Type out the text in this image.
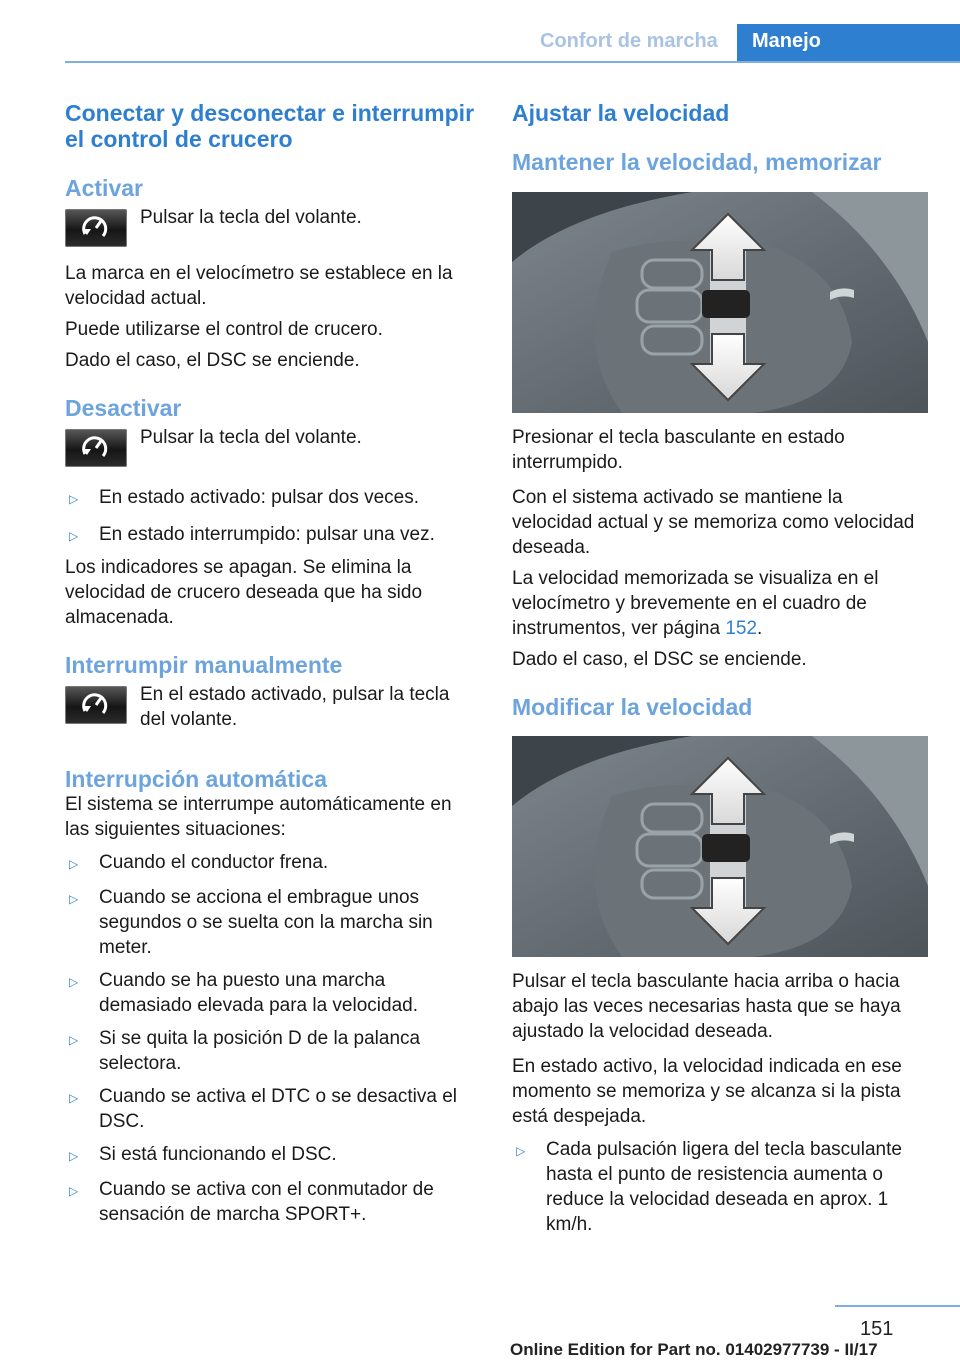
Confort de marcha Manejo

Conectar y desconectar e interrumpir el control de crucero

Activar

Pulsar la tecla del volante.

La marca en el velocímetro se establece en la velocidad actual.

Puede utilizarse el control de crucero.

Dado el caso, el DSC se enciende.

Desactivar

Pulsar la tecla del volante.

▷	En estado activado: pulsar dos veces.
▷	En estado interrumpido: pulsar una vez.

Los indicadores se apagan. Se elimina la velocidad de crucero deseada que ha sido almacenada.

Interrumpir manualmente

En el estado activado, pulsar la tecla del volante.

Interrupción automática

El sistema se interrumpe automáticamente en las siguientes situaciones:

▷	Cuando el conductor frena.
▷	Cuando se acciona el embrague unos segundos o se suelta con la marcha sin meter.
▷	Cuando se ha puesto una marcha demasiado elevada para la velocidad.
▷	Si se quita la posición D de la palanca selectora.
▷	Cuando se activa el DTC o se desactiva el DSC.
▷	Si está funcionando el DSC.
▷	Cuando se activa con el conmutador de sensación de marcha SPORT+.

Ajustar la velocidad

Mantener la velocidad, memorizar

Presionar el tecla basculante en estado interrumpido.

Con el sistema activado se mantiene la velocidad actual y se memoriza como velocidad deseada.

La velocidad memorizada se visualiza en el velocímetro y brevemente en el cuadro de instrumentos, ver página 152.

Dado el caso, el DSC se enciende.

Modificar la velocidad

Pulsar el tecla basculante hacia arriba o hacia abajo las veces necesarias hasta que se haya ajustado la velocidad deseada.

En estado activo, la velocidad indicada en ese momento se memoriza y se alcanza si la pista está despejada.

▷	Cada pulsación ligera del tecla basculante hasta el punto de resistencia aumenta o reduce la velocidad deseada en aprox. 1 km/h.
151
Online Edition for Part no. 01402977739 - II/17
